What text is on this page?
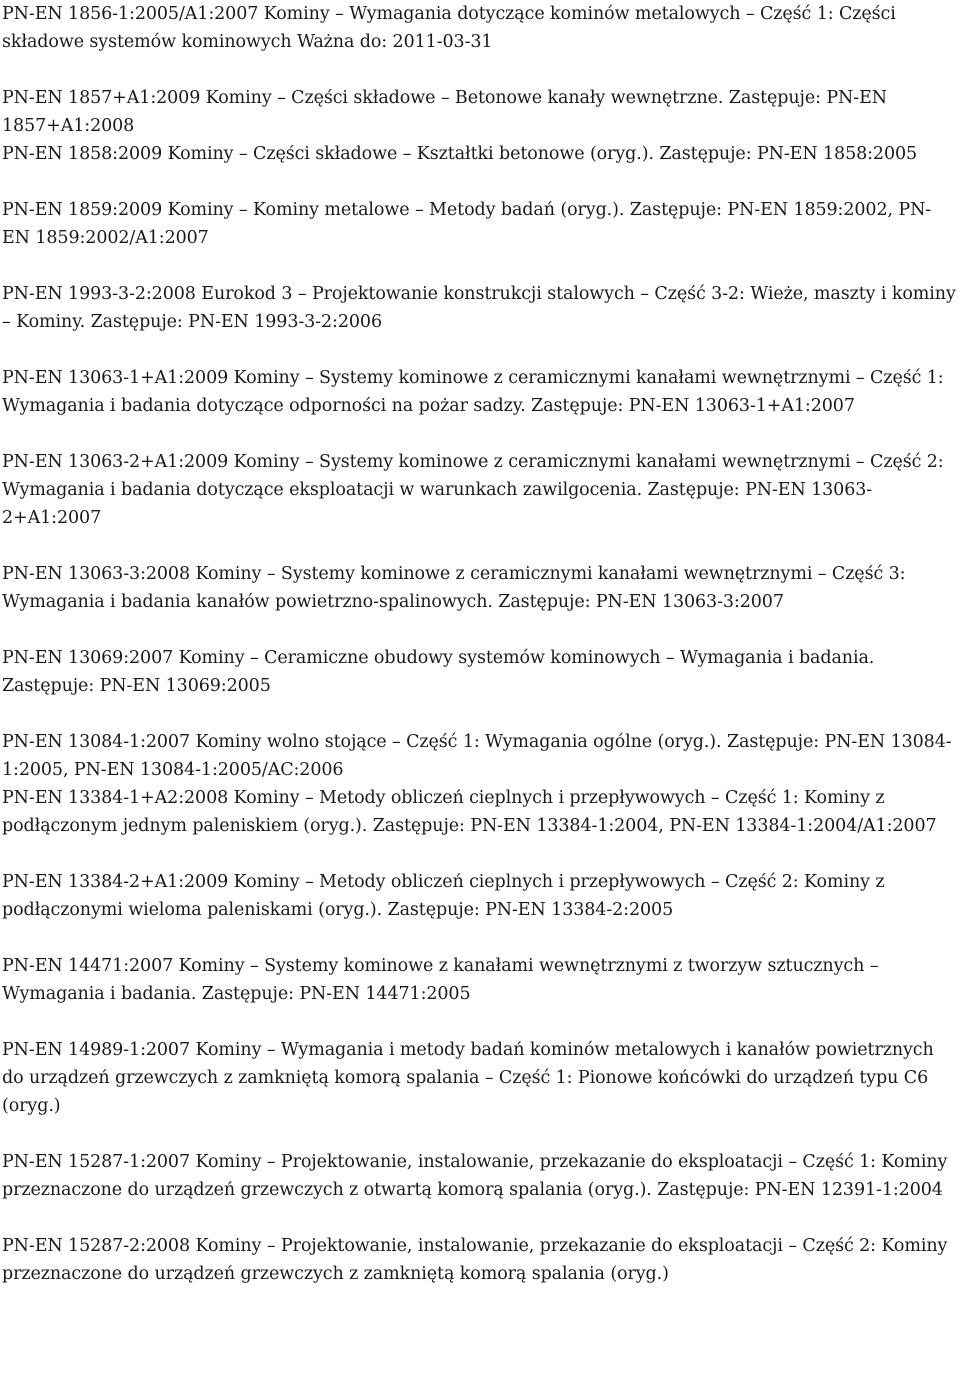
PN-EN 1856-1:2005/A1:2007 Kominy – Wymagania dotyczące kominów metalowych – Część 1: Części składowe systemów kominowych Ważna do: 2011-03-31

PN-EN 1857+A1:2009 Kominy – Części składowe – Betonowe kanały wewnętrzne. Zastępuje: PN-EN 1857+A1:2008

PN-EN 1858:2009 Kominy – Części składowe – Kształtki betonowe (oryg.). Zastępuje: PN-EN 1858:2005

PN-EN 1859:2009 Kominy – Kominy metalowe – Metody badań (oryg.). Zastępuje: PN-EN 1859:2002, PN-EN 1859:2002/A1:2007

PN-EN 1993-3-2:2008 Eurokod 3 – Projektowanie konstrukcji stalowych – Część 3-2: Wieże, maszty i kominy – Kominy. Zastępuje: PN-EN 1993-3-2:2006

PN-EN 13063-1+A1:2009 Kominy – Systemy kominowe z ceramicznymi kanałami wewnętrznymi – Część 1: Wymagania i badania dotyczące odporności na pożar sadzy. Zastępuje: PN-EN 13063-1+A1:2007

PN-EN 13063-2+A1:2009 Kominy – Systemy kominowe z ceramicznymi kanałami wewnętrznymi – Część 2: Wymagania i badania dotyczące eksploatacji w warunkach zawilgocenia. Zastępuje: PN-EN 13063-2+A1:2007

PN-EN 13063-3:2008 Kominy – Systemy kominowe z ceramicznymi kanałami wewnętrznymi – Część 3: Wymagania i badania kanałów powietrzno-spalinowych. Zastępuje: PN-EN 13063-3:2007

PN-EN 13069:2007 Kominy – Ceramiczne obudowy systemów kominowych – Wymagania i badania. Zastępuje: PN-EN 13069:2005

PN-EN 13084-1:2007 Kominy wolno stojące – Część 1: Wymagania ogólne (oryg.). Zastępuje: PN-EN 13084-1:2005, PN-EN 13084-1:2005/AC:2006

PN-EN 13384-1+A2:2008 Kominy – Metody obliczeń cieplnych i przepływowych – Część 1: Kominy z podłączonym jednym paleniskiem (oryg.). Zastępuje: PN-EN 13384-1:2004, PN-EN 13384-1:2004/A1:2007

PN-EN 13384-2+A1:2009 Kominy – Metody obliczeń cieplnych i przepływowych – Część 2: Kominy z podłączonymi wieloma paleniskami (oryg.). Zastępuje: PN-EN 13384-2:2005

PN-EN 14471:2007 Kominy – Systemy kominowe z kanałami wewnętrznymi z tworzyw sztucznych – Wymagania i badania. Zastępuje: PN-EN 14471:2005

PN-EN 14989-1:2007 Kominy – Wymagania i metody badań kominów metalowych i kanałów powietrznych do urządzeń grzewczych z zamkniętą komorą spalania – Część 1: Pionowe końcówki do urządzeń typu C6 (oryg.)

PN-EN 15287-1:2007 Kominy – Projektowanie, instalowanie, przekazanie do eksploatacji – Część 1: Kominy przeznaczone do urządzeń grzewczych z otwartą komorą spalania (oryg.). Zastępuje: PN-EN 12391-1:2004

PN-EN 15287-2:2008 Kominy – Projektowanie, instalowanie, przekazanie do eksploatacji – Część 2: Kominy przeznaczone do urządzeń grzewczych z zamkniętą komorą spalania (oryg.)
